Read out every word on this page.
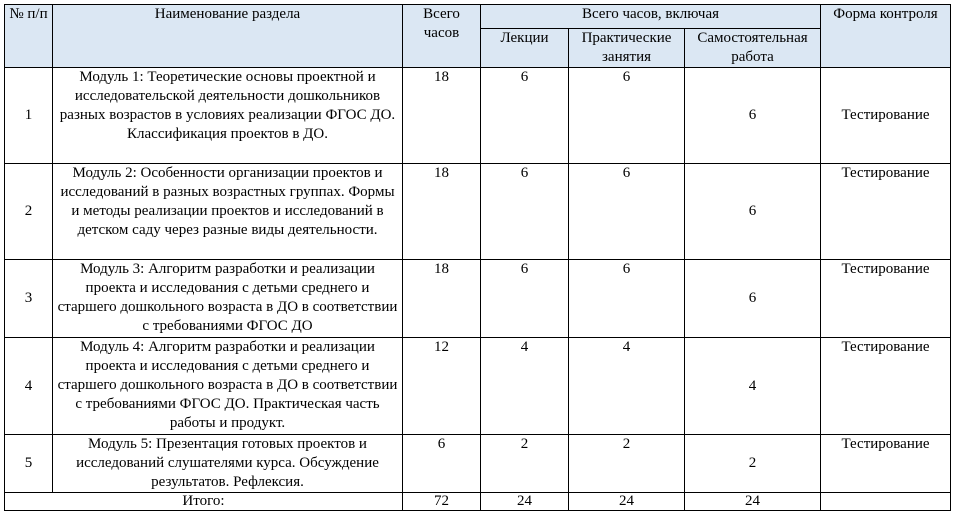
№ п/п	Наименование раздела	Всего часов	Всего часов, включая			Форма контроля
			Лекции	Практические занятия	Самостоятельная работа	
1	Модуль 1: Теоретические основы проектной и исследовательской деятельности дошкольников разных возрастов в условиях реализации ФГОС ДО. Классификация проектов в ДО.	18	6	6	6	Тестирование
2	Модуль 2: Особенности организации проектов и исследований в разных возрастных группах. Формы и методы реализации проектов и исследований в детском саду через разные виды деятельности.	18	6	6	6	Тестирование
3	Модуль 3: Алгоритм разработки и реализации проекта и исследования с детьми среднего и старшего дошкольного возраста в ДО в соответствии с требованиями ФГОС ДО	18	6	6	6	Тестирование
4	Модуль 4: Алгоритм разработки и реализации проекта и исследования с детьми среднего и старшего дошкольного возраста в ДО в соответствии с требованиями ФГОС ДО. Практическая часть работы и продукт.	12	4	4	4	Тестирование
5	Модуль 5: Презентация готовых проектов и исследований слушателями курса. Обсуждение результатов. Рефлексия.	6	2	2	2	Тестирование
Итого:		72	24	24	24	
